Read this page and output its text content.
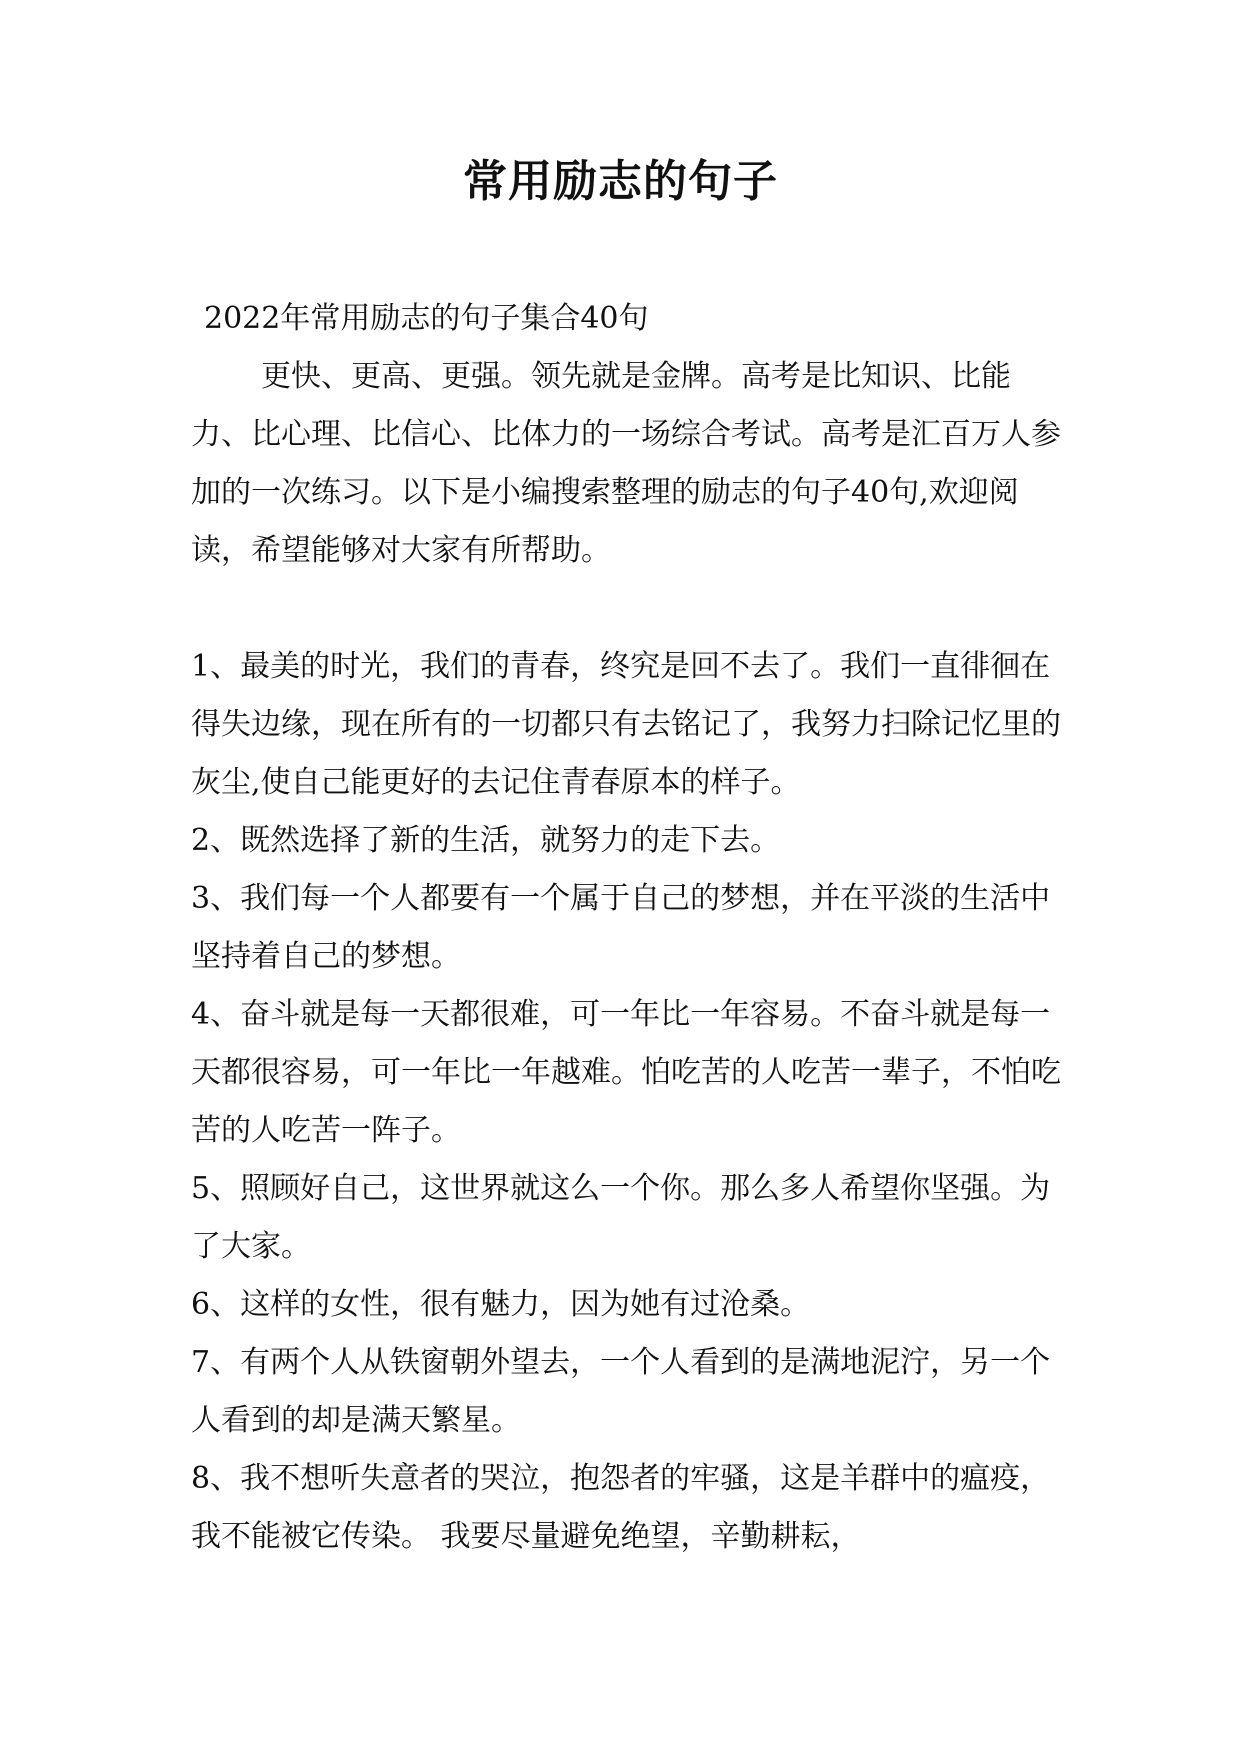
常用励志的句子

2022年常用励志的句子集合40句

更快、更高、更强。领先就是金牌。高考是比知识、比能力、比心理、比信心、比体力的一场综合考试。高考是汇百万人参加的一次练习。以下是小编搜索整理的励志的句子40句,欢迎阅读，希望能够对大家有所帮助。

1、最美的时光，我们的青春，终究是回不去了。我们一直徘徊在得失边缘，现在所有的一切都只有去铭记了，我努力扫除记忆里的灰尘,使自己能更好的去记住青春原本的样子。

2、既然选择了新的生活，就努力的走下去。

3、我们每一个人都要有一个属于自己的梦想，并在平淡的生活中坚持着自己的梦想。

4、奋斗就是每一天都很难，可一年比一年容易。不奋斗就是每一天都很容易，可一年比一年越难。怕吃苦的人吃苦一辈子，不怕吃苦的人吃苦一阵子。

5、照顾好自己，这世界就这么一个你。那么多人希望你坚强。为了大家。

6、这样的女性，很有魅力，因为她有过沧桑。

7、有两个人从铁窗朝外望去，一个人看到的是满地泥泞，另一个人看到的却是满天繁星。

8、我不想听失意者的哭泣，抱怨者的牢骚，这是羊群中的瘟疫，我不能被它传染。 我要尽量避免绝望，辛勤耕耘，
